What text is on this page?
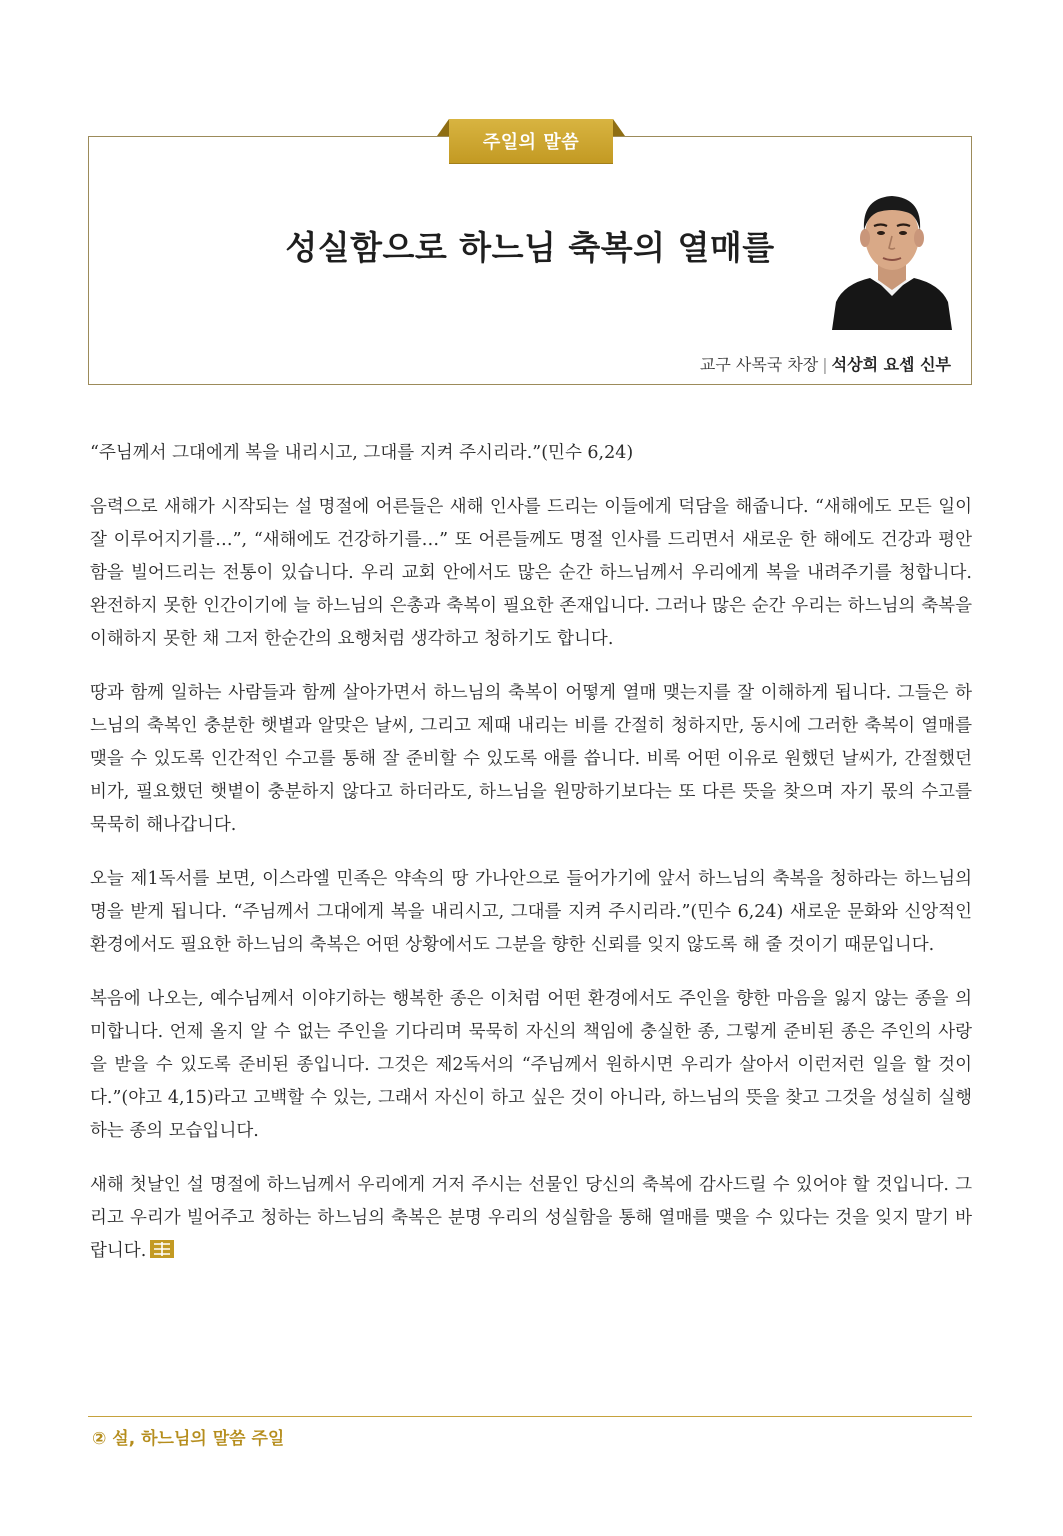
주일의 말씀
성실함으로 하느님 축복의 열매를
교구 사목국 차장 | 석상희 요셉 신부

“주님께서 그대에게 복을 내리시고, 그대를 지켜 주시리라.”(민수 6,24)

음력으로 새해가 시작되는 설 명절에 어른들은 새해 인사를 드리는 이들에게 덕담을 해줍니다. “새해에도 모든 일이 잘 이루어지기를…”, “새해에도 건강하기를…” 또 어른들께도 명절 인사를 드리면서 새로운 한 해에도 건강과 평안함을 빌어드리는 전통이 있습니다. 우리 교회 안에서도 많은 순간 하느님께서 우리에게 복을 내려주기를 청합니다. 완전하지 못한 인간이기에 늘 하느님의 은총과 축복이 필요한 존재입니다. 그러나 많은 순간 우리는 하느님의 축복을 이해하지 못한 채 그저 한순간의 요행처럼 생각하고 청하기도 합니다.

땅과 함께 일하는 사람들과 함께 살아가면서 하느님의 축복이 어떻게 열매 맺는지를 잘 이해하게 됩니다. 그들은 하느님의 축복인 충분한 햇볕과 알맞은 날씨, 그리고 제때 내리는 비를 간절히 청하지만, 동시에 그러한 축복이 열매를 맺을 수 있도록 인간적인 수고를 통해 잘 준비할 수 있도록 애를 씁니다. 비록 어떤 이유로 원했던 날씨가, 간절했던 비가, 필요했던 햇볕이 충분하지 않다고 하더라도, 하느님을 원망하기보다는 또 다른 뜻을 찾으며 자기 몫의 수고를 묵묵히 해나갑니다.

오늘 제1독서를 보면, 이스라엘 민족은 약속의 땅 가나안으로 들어가기에 앞서 하느님의 축복을 청하라는 하느님의 명을 받게 됩니다. “주님께서 그대에게 복을 내리시고, 그대를 지켜 주시리라.”(민수 6,24) 새로운 문화와 신앙적인 환경에서도 필요한 하느님의 축복은 어떤 상황에서도 그분을 향한 신뢰를 잊지 않도록 해 줄 것이기 때문입니다.

복음에 나오는, 예수님께서 이야기하는 행복한 종은 이처럼 어떤 환경에서도 주인을 향한 마음을 잃지 않는 종을 의미합니다. 언제 올지 알 수 없는 주인을 기다리며 묵묵히 자신의 책임에 충실한 종, 그렇게 준비된 종은 주인의 사랑을 받을 수 있도록 준비된 종입니다. 그것은 제2독서의 “주님께서 원하시면 우리가 살아서 이런저런 일을 할 것이다.”(야고 4,15)라고 고백할 수 있는, 그래서 자신이 하고 싶은 것이 아니라, 하느님의 뜻을 찾고 그것을 성실히 실행하는 종의 모습입니다.

새해 첫날인 설 명절에 하느님께서 우리에게 거저 주시는 선물인 당신의 축복에 감사드릴 수 있어야 할 것입니다. 그리고 우리가 빌어주고 청하는 하느님의 축복은 분명 우리의 성실함을 통해 열매를 맺을 수 있다는 것을 잊지 말기 바랍니다.

② 설, 하느님의 말씀 주일
